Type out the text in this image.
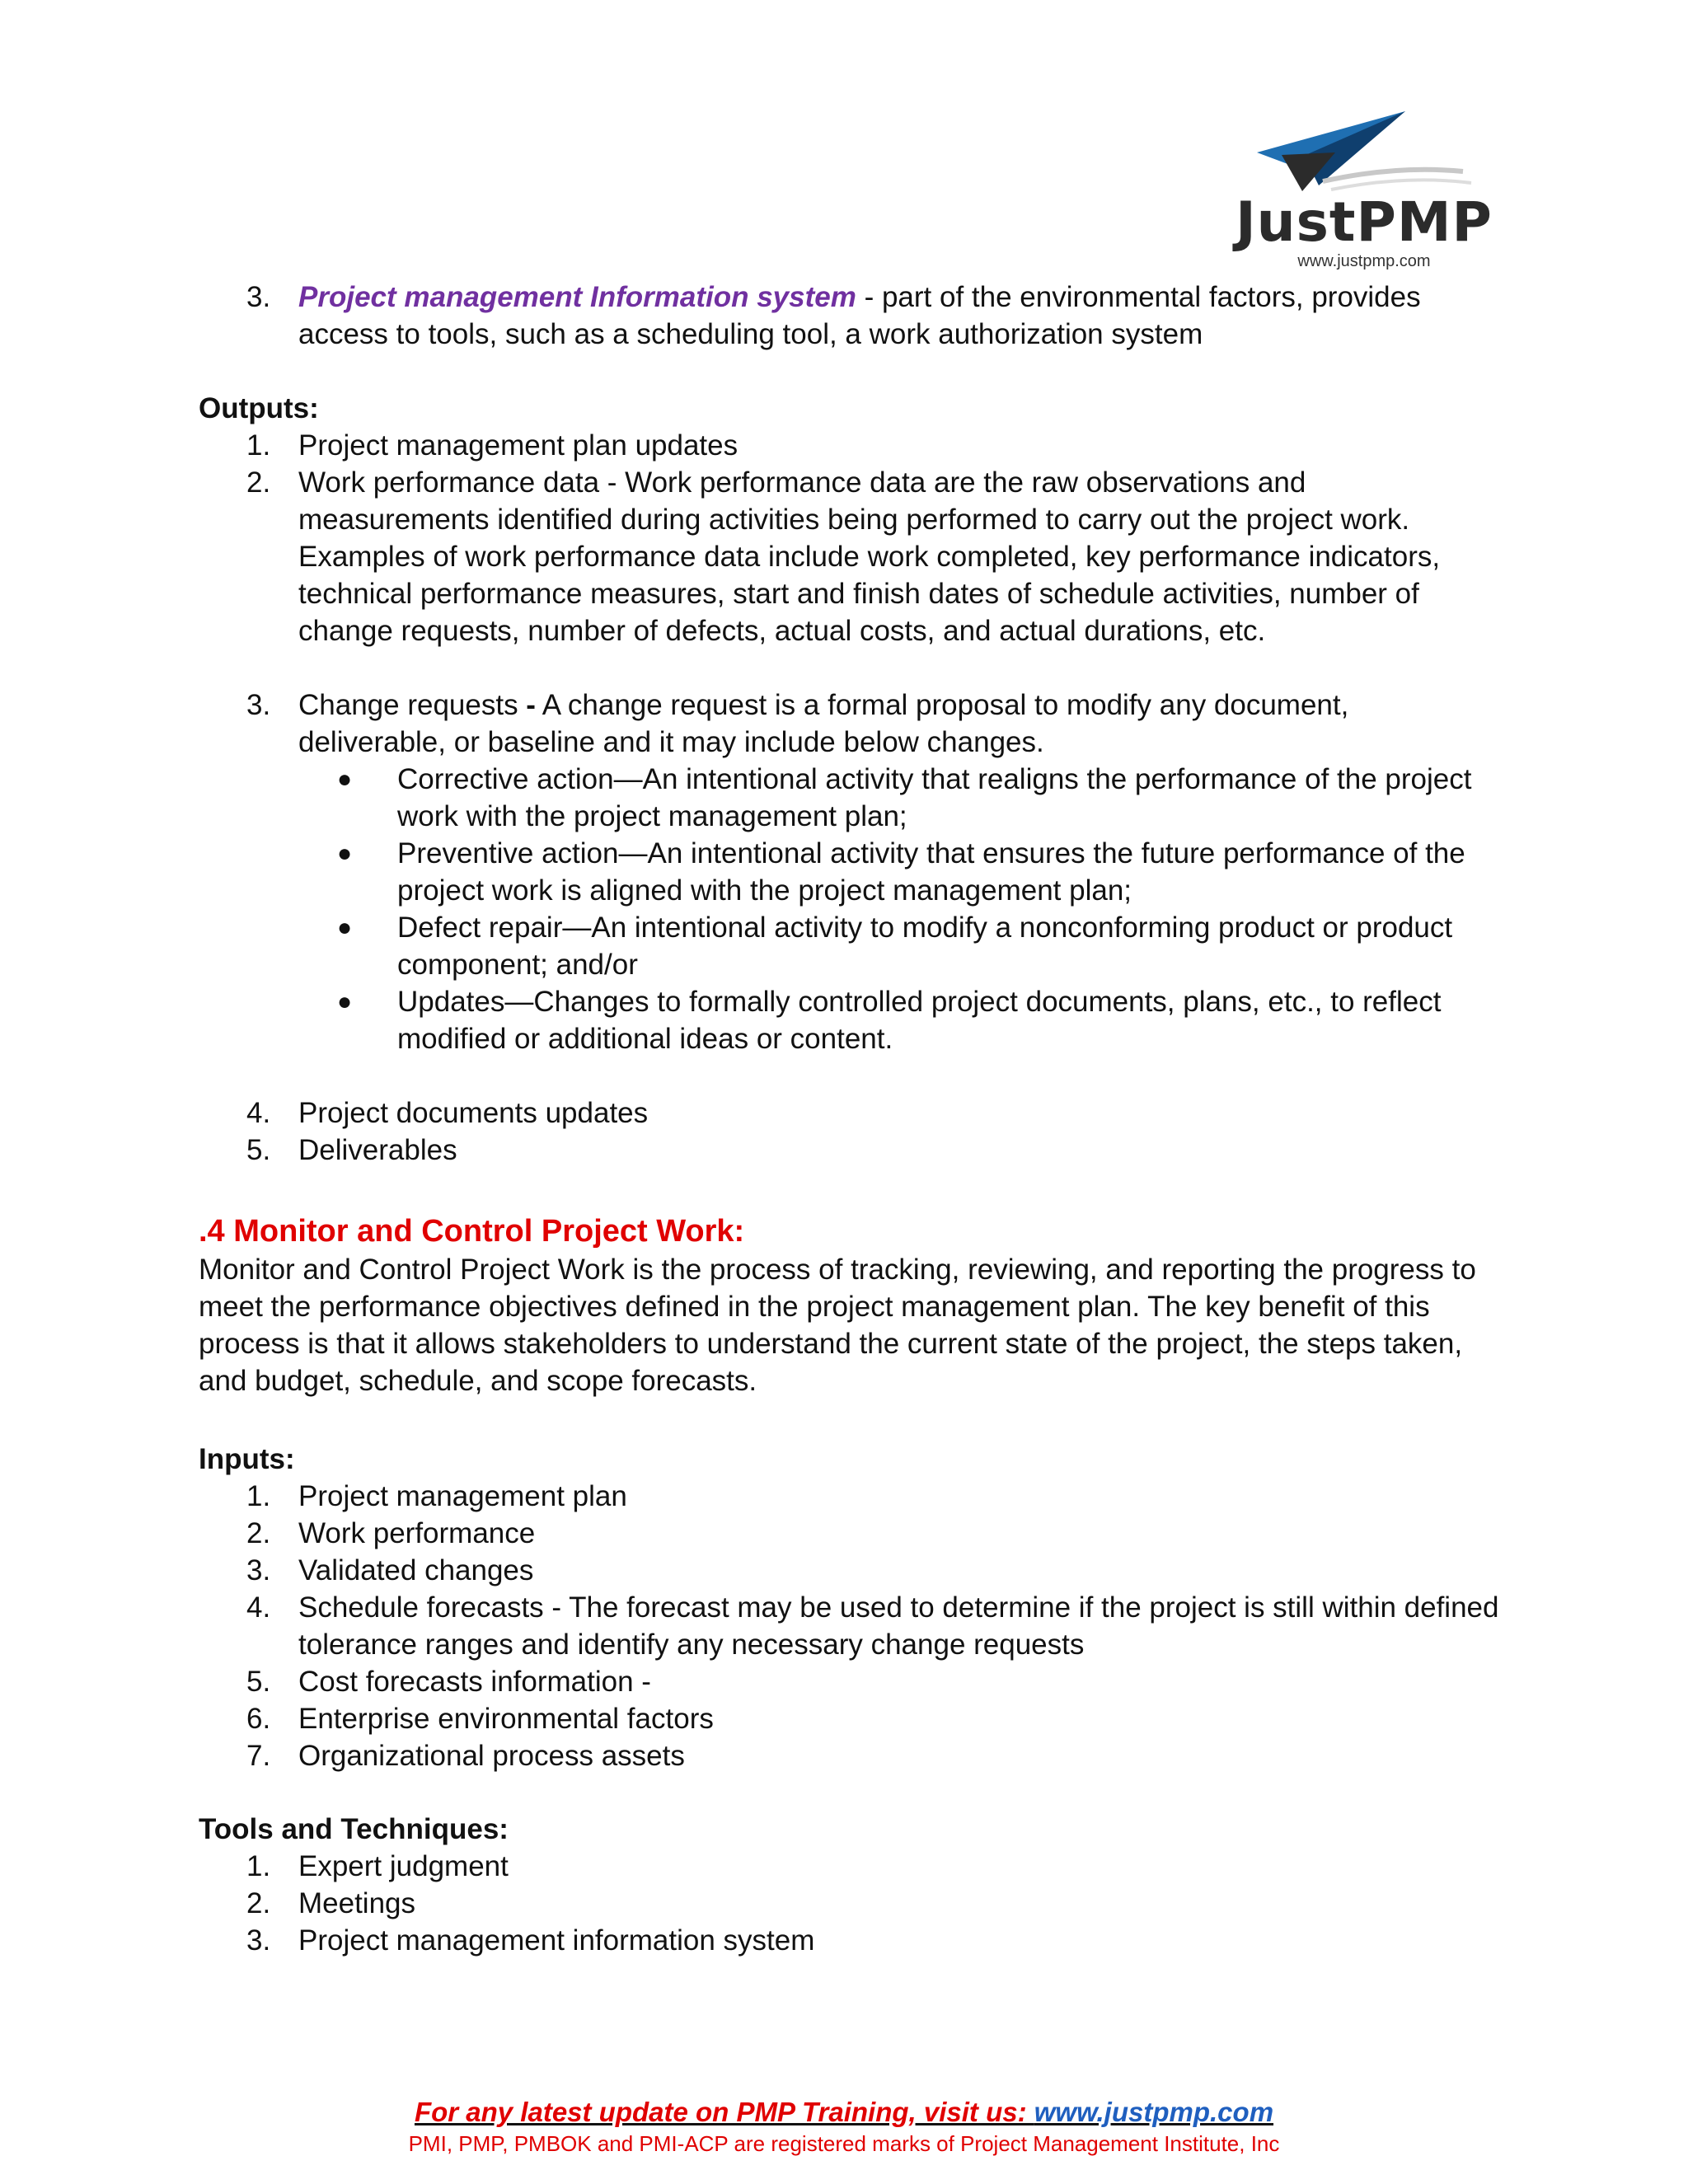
JustPMP
www.justpmp.com
3. Project management Information system - part of the environmental factors, provides access to tools, such as a scheduling tool, a work authorization system
Outputs:
1. Project management plan updates
2. Work performance data - Work performance data are the raw observations and measurements identified during activities being performed to carry out the project work. Examples of work performance data include work completed, key performance indicators, technical performance measures, start and finish dates of schedule activities, number of change requests, number of defects, actual costs, and actual durations, etc.
3. Change requests - A change request is a formal proposal to modify any document, deliverable, or baseline and it may include below changes.
● Corrective action—An intentional activity that realigns the performance of the project work with the project management plan;
● Preventive action—An intentional activity that ensures the future performance of the project work is aligned with the project management plan;
● Defect repair—An intentional activity to modify a nonconforming product or product component; and/or
● Updates—Changes to formally controlled project documents, plans, etc., to reflect modified or additional ideas or content.
4. Project documents updates
5. Deliverables
.4 Monitor and Control Project Work:
Monitor and Control Project Work is the process of tracking, reviewing, and reporting the progress to meet the performance objectives defined in the project management plan. The key benefit of this process is that it allows stakeholders to understand the current state of the project, the steps taken, and budget, schedule, and scope forecasts.
Inputs:
1. Project management plan
2. Work performance
3. Validated changes
4. Schedule forecasts - The forecast may be used to determine if the project is still within defined tolerance ranges and identify any necessary change requests
5. Cost forecasts information -
6. Enterprise environmental factors
7. Organizational process assets
Tools and Techniques:
1. Expert judgment
2. Meetings
3. Project management information system
For any latest update on PMP Training, visit us: www.justpmp.com
PMI, PMP, PMBOK and PMI-ACP are registered marks of Project Management Institute, Inc
